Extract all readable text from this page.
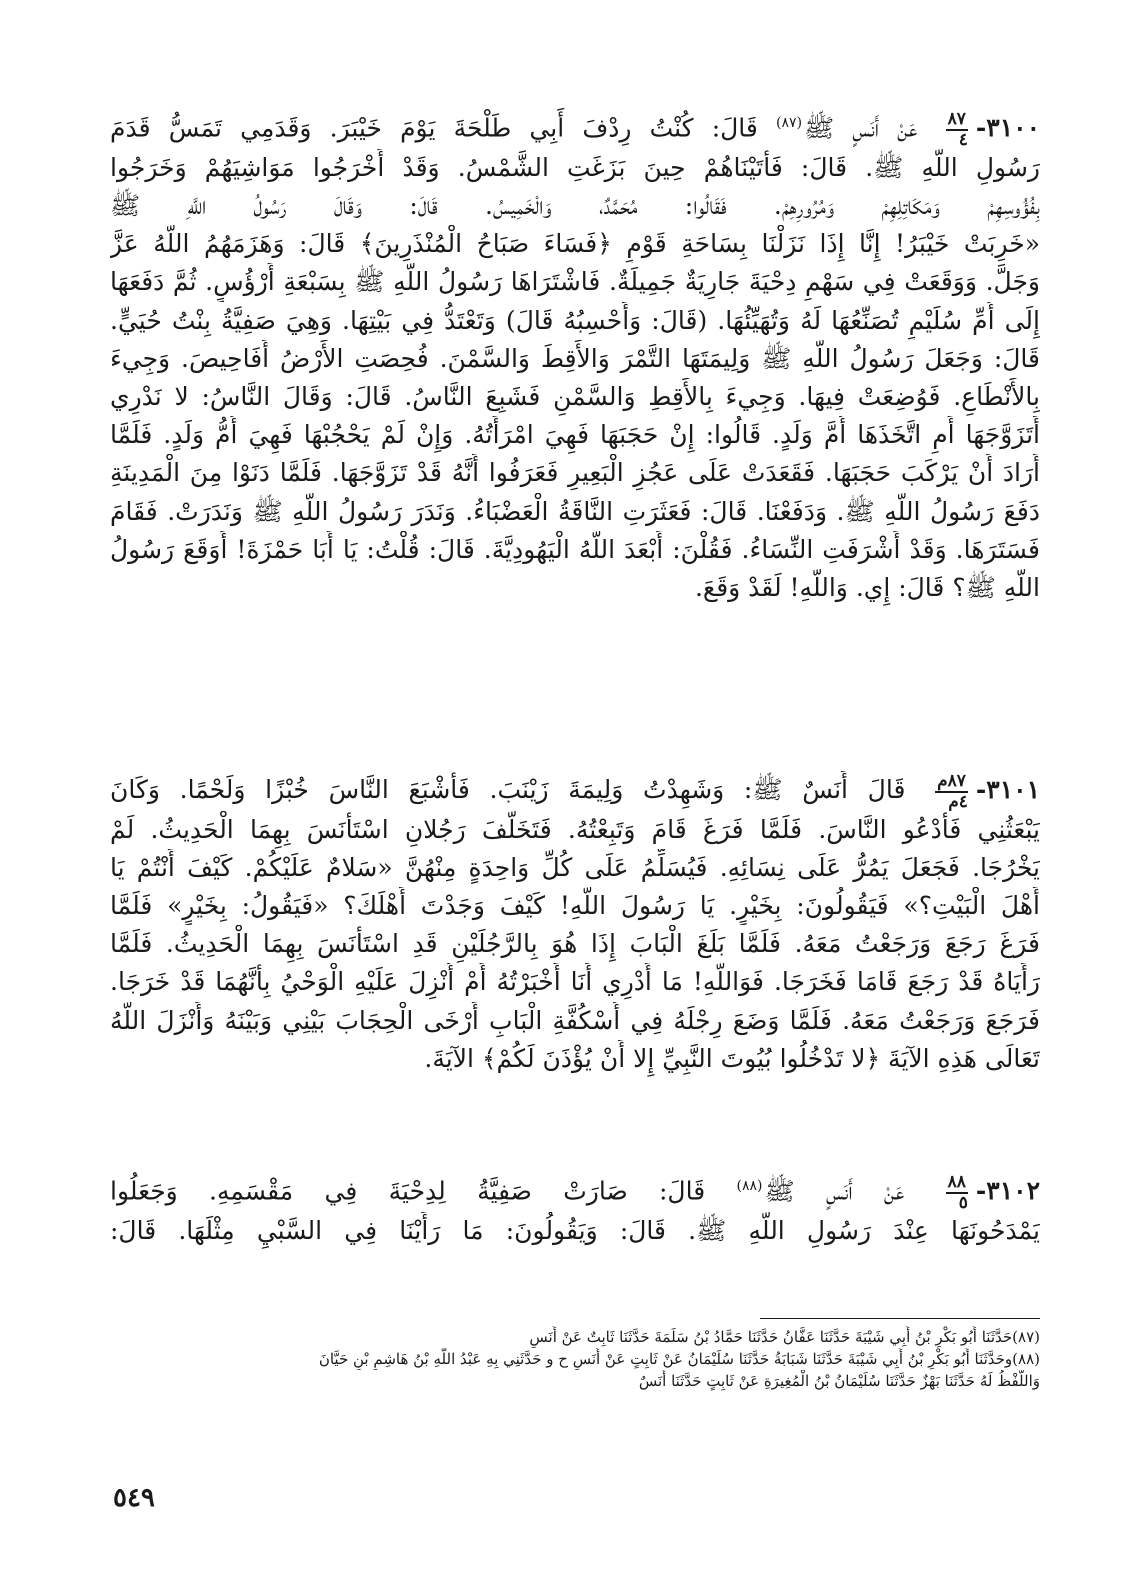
٣١٠٠-
٨٧
٤
عَنْ أَنَسٍ ﷺ$^{(٨٧)}$ قَالَ: كُنْتُ رِدْفَ أَبِي طَلْحَةَ يَوْمَ خَيْبَرَ. وَقَدَمِي تَمَسُّ قَدَمَ
رَسُولِ اللَّهِ ﷺ. قَالَ: فَأَتَيْنَاهُمْ حِينَ بَزَغَتِ الشَّمْسُ. وَقَدْ أَخْرَجُوا مَوَاشِيَهُمْ وَخَرَجُوا
بِفُؤُوسِهِمْ وَمَكَاتِلِهِمْ وَمُرُورِهِمْ. فَقَالُوا: مُحَمَّدٌ، وَالْخَمِيسُ. قَالَ: وَقَالَ رَسُولُ اللَّهِ ﷺ
«خَرِبَتْ خَيْبَرُ! إِنَّا إِذَا نَزَلْنَا بِسَاحَةِ قَوْمٍ ﴿فَسَاءَ صَبَاحُ الْمُنْذَرِينَ﴾ قَالَ: وَهَزَمَهُمُ اللَّهُ عَزَّ
وَجَلَّ. وَوَقَعَتْ فِي سَهْمِ دِحْيَةَ جَارِيَةٌ جَمِيلَةٌ. فَاشْتَرَاهَا رَسُولُ اللَّهِ ﷺ بِسَبْعَةِ أَرْؤُسٍ. ثُمَّ دَفَعَهَا
إِلَى أُمِّ سُلَيْمٍ تُصَنِّعُهَا لَهُ وَتُهَيِّئُهَا. (قَالَ: وَأَحْسِبُهُ قَالَ) وَتَعْتَدُّ فِي بَيْتِهَا. وَهِيَ صَفِيَّةُ بِنْتُ حُيَيٍّ.
قَالَ: وَجَعَلَ رَسُولُ اللَّهِ ﷺ وَلِيمَتَهَا التَّمْرَ وَالأَقِطَ وَالسَّمْنَ. فُحِصَتِ الأَرْضُ أَفَاحِيصَ. وَجِيءَ
بِالأَنْطَاعِ. فَوُضِعَتْ فِيهَا. وَجِيءَ بِالأَقِطِ وَالسَّمْنِ فَشَبِعَ النَّاسُ. قَالَ: وَقَالَ النَّاسُ: لا نَدْرِي
أَتَزَوَّجَهَا أَمِ اتَّخَذَهَا أُمَّ وَلَدٍ. قَالُوا: إِنْ حَجَبَهَا فَهِيَ امْرَأَتُهُ. وَإِنْ لَمْ يَحْجُبْهَا فَهِيَ أُمُّ وَلَدٍ. فَلَمَّا
أَرَادَ أَنْ يَرْكَبَ حَجَبَهَا. فَقَعَدَتْ عَلَى عَجُزِ الْبَعِيرِ فَعَرَفُوا أَنَّهُ قَدْ تَزَوَّجَهَا. فَلَمَّا دَنَوْا مِنَ الْمَدِينَةِ
دَفَعَ رَسُولُ اللَّهِ ﷺ. وَدَفَعْنَا. قَالَ: فَعَثَرَتِ النَّاقَةُ الْعَضْبَاءُ. وَنَدَرَ رَسُولُ اللَّهِ ﷺ وَنَدَرَتْ. فَقَامَ
فَسَتَرَهَا. وَقَدْ أَشْرَفَتِ النِّسَاءُ. فَقُلْنَ: أَبْعَدَ اللَّهُ الْيَهُودِيَّةَ. قَالَ: قُلْتُ: يَا أَبَا حَمْزَةَ! أَوَقَعَ رَسُولُ
اللَّهِ ﷺ؟ قَالَ: إِي. وَاللَّهِ! لَقَدْ وَقَعَ.
٣١٠١-
٨٧م
٤م
قَالَ أَنَسٌ ﷺ: وَشَهِدْتُ وَلِيمَةَ زَيْنَبَ. فَأَشْبَعَ النَّاسَ خُبْزًا وَلَحْمًا. وَكَانَ
يَبْعَثُنِي فَأَدْعُو النَّاسَ. فَلَمَّا فَرَغَ قَامَ وَتَبِعْتُهُ. فَتَخَلَّفَ رَجُلانِ اسْتَأْنَسَ بِهِمَا الْحَدِيثُ. لَمْ
يَخْرُجَا. فَجَعَلَ يَمُرُّ عَلَى نِسَائِهِ. فَيُسَلِّمُ عَلَى كُلِّ وَاحِدَةٍ مِنْهُنَّ «سَلامٌ عَلَيْكُمْ. كَيْفَ أَنْتُمْ يَا
أَهْلَ الْبَيْتِ؟» فَيَقُولُونَ: بِخَيْرٍ. يَا رَسُولَ اللَّهِ! كَيْفَ وَجَدْتَ أَهْلَكَ؟ «فَيَقُولُ: بِخَيْرٍ» فَلَمَّا
فَرَغَ رَجَعَ وَرَجَعْتُ مَعَهُ. فَلَمَّا بَلَغَ الْبَابَ إِذَا هُوَ بِالرَّجُلَيْنِ قَدِ اسْتَأْنَسَ بِهِمَا الْحَدِيثُ. فَلَمَّا
رَأَيَاهُ قَدْ رَجَعَ قَامَا فَخَرَجَا. فَوَاللَّهِ! مَا أَدْرِي أَنَا أَخْبَرْتُهُ أَمْ أُنْزِلَ عَلَيْهِ الْوَحْيُ بِأَنَّهُمَا قَدْ خَرَجَا.
فَرَجَعَ وَرَجَعْتُ مَعَهُ. فَلَمَّا وَضَعَ رِجْلَهُ فِي أُسْكُفَّةِ الْبَابِ أَرْخَى الْحِجَابَ بَيْنِي وَبَيْنَهُ وَأَنْزَلَ اللَّهُ
تَعَالَى هَذِهِ الآيَةَ ﴿لا تَدْخُلُوا بُيُوتَ النَّبِيِّ إِلا أَنْ يُؤْذَنَ لَكُمْ﴾ الآيَةَ.
٣١٠٢-
٨٨
٥
عَنْ أَنَسٍ ﷺ$^{(٨٨)}$ قَالَ: صَارَتْ صَفِيَّةُ لِدِحْيَةَ فِي مَقْسَمِهِ. وَجَعَلُوا
يَمْدَحُونَهَا عِنْدَ رَسُولِ اللَّهِ ﷺ. قَالَ: وَيَقُولُونَ: مَا رَأَيْنَا فِي السَّبْيِ مِثْلَهَا. قَالَ:
(٨٧)حَدَّثَنَا أَبُو بَكْرِ بْنُ أَبِي شَيْبَةَ حَدَّثَنَا عَفَّانُ حَدَّثَنَا حَمَّادُ بْنُ سَلَمَةَ حَدَّثَنَا ثَابِتٌ عَنْ أَنَسٍ
(٨٨)وحَدَّثَنَا أَبُو بَكْرِ بْنُ أَبِي شَيْبَةَ حَدَّثَنَا شَبَابَةُ حَدَّثَنَا سُلَيْمَانُ عَنْ ثَابِتٍ عَنْ أَنَسٍ ح و حَدَّثَنِي بِهِ عَبْدُ اللَّهِ بْنُ هَاشِمِ بْنِ حَيَّانَ
وَاللَّفْظُ لَهُ حَدَّثَنَا بَهْزٌ حَدَّثَنَا سُلَيْمَانُ بْنُ الْمُغِيرَةِ عَنْ ثَابِتٍ حَدَّثَنَا أَنَسٌ
٥٤٩
